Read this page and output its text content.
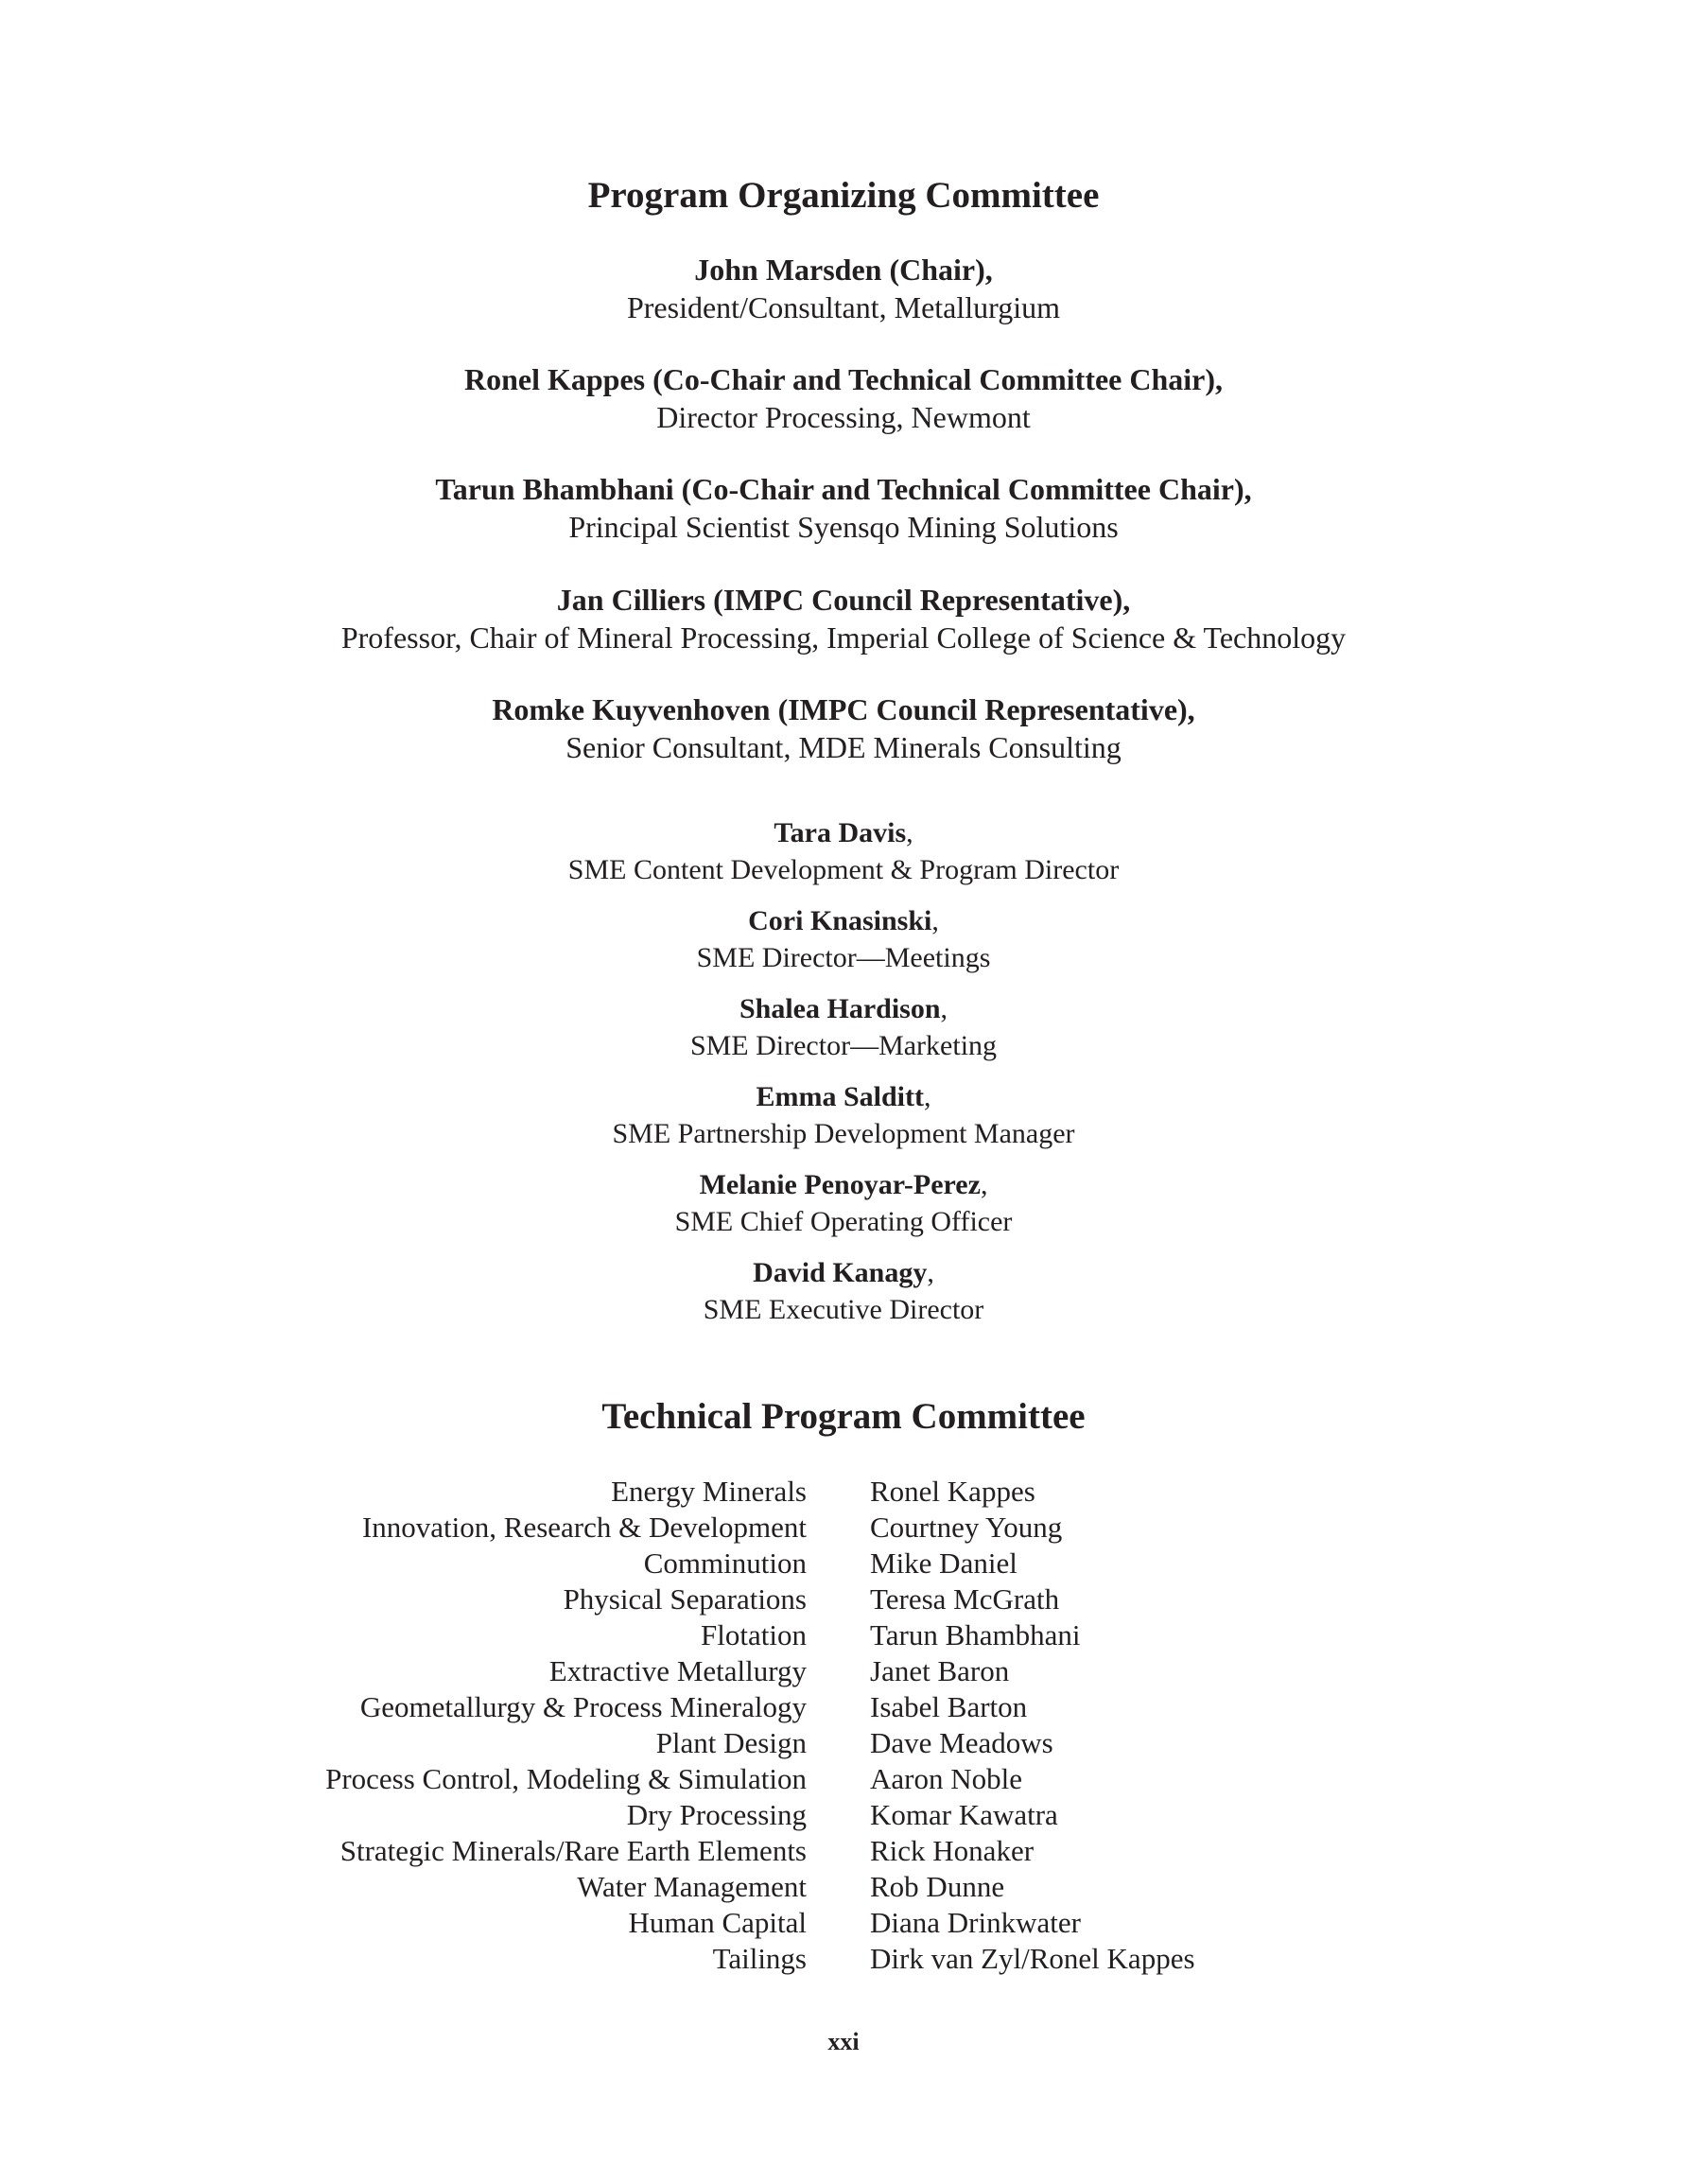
Program Organizing Committee
John Marsden (Chair),
President/Consultant, Metallurgium
Ronel Kappes (Co-Chair and Technical Committee Chair),
Director Processing, Newmont
Tarun Bhambhani (Co-Chair and Technical Committee Chair),
Principal Scientist Syensqo Mining Solutions
Jan Cilliers (IMPC Council Representative),
Professor, Chair of Mineral Processing, Imperial College of Science & Technology
Romke Kuyvenhoven (IMPC Council Representative),
Senior Consultant, MDE Minerals Consulting
Tara Davis,
SME Content Development & Program Director
Cori Knasinski,
SME Director—Meetings
Shalea Hardison,
SME Director—Marketing
Emma Salditt,
SME Partnership Development Manager
Melanie Penoyar-Perez,
SME Chief Operating Officer
David Kanagy,
SME Executive Director
Technical Program Committee
Energy Minerals Ronel Kappes
Innovation, Research & Development Courtney Young
Comminution Mike Daniel
Physical Separations Teresa McGrath
Flotation Tarun Bhambhani
Extractive Metallurgy Janet Baron
Geometallurgy & Process Mineralogy Isabel Barton
Plant Design Dave Meadows
Process Control, Modeling & Simulation Aaron Noble
Dry Processing Komar Kawatra
Strategic Minerals/Rare Earth Elements Rick Honaker
Water Management Rob Dunne
Human Capital Diana Drinkwater
Tailings Dirk van Zyl/Ronel Kappes
xxi
